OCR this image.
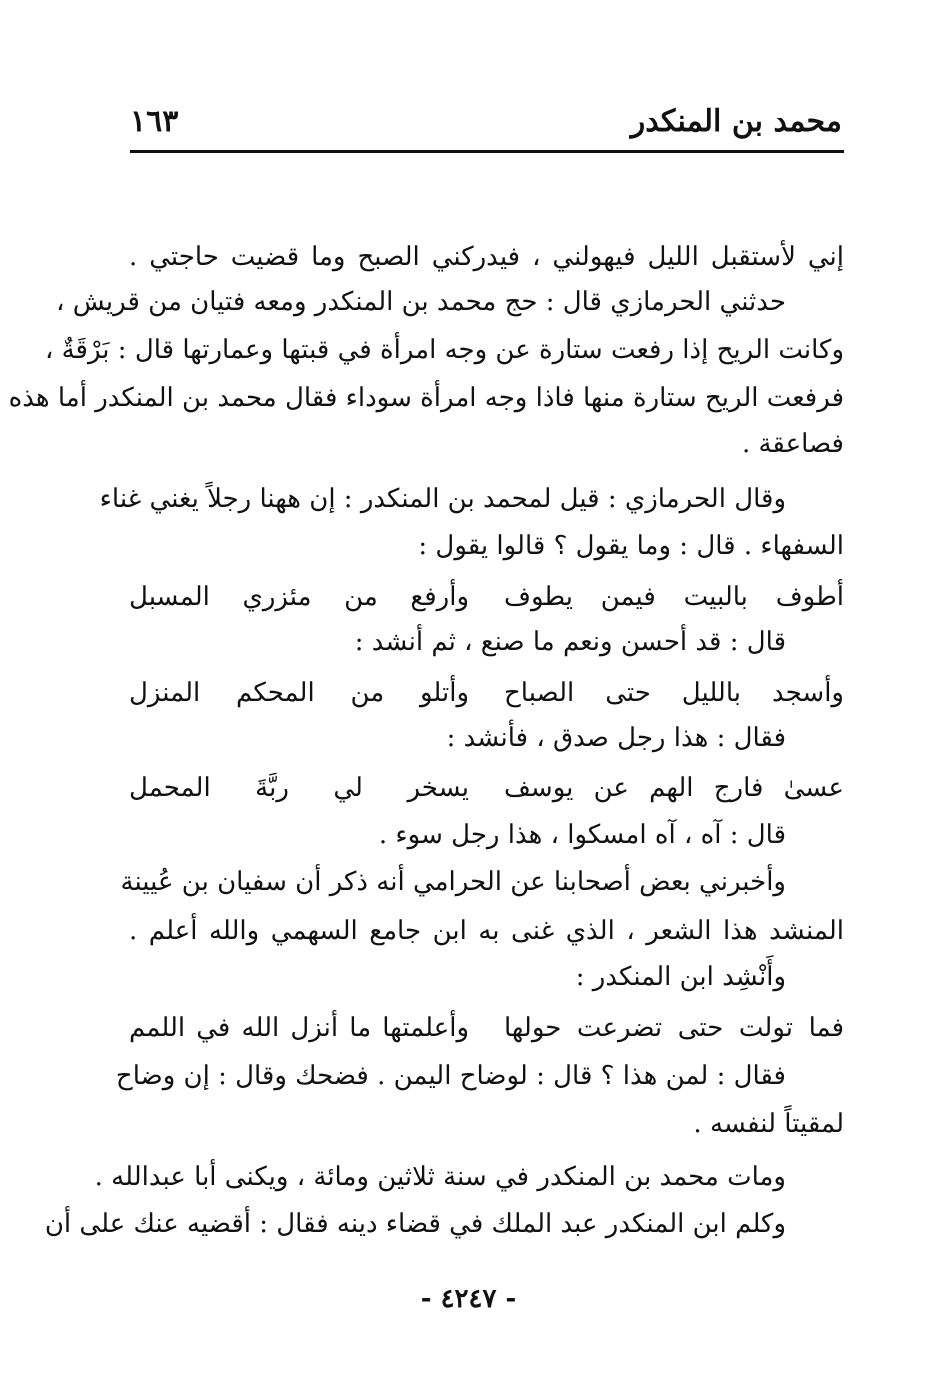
محمد بن المنكدر
١٦٣
إني لأستقبل الليل فيهولني ، فيدركني الصبح وما قضيت حاجتي .
حدثني الحرمازي قال : حج محمد بن المنكدر ومعه فتيان من قريش ،
وكانت الريح إذا رفعت ستارة عن وجه امرأة في قبتها وعمارتها قال : بَرْقَةٌ ،
فرفعت الريح ستارة منها فاذا وجه امرأة سوداء فقال محمد بن المنكدر أما هذه
فصاعقة .
وقال الحرمازي : قيل لمحمد بن المنكدر : إن ههنا رجلاً يغني غناء
السفهاء . قال : وما يقول ؟ قالوا يقول :
أطوف بالبيت فيمن يطوف
وأرفع من مئزري المسبل
قال : قد أحسن ونعم ما صنع ، ثم أنشد :
وأسجد بالليل حتى الصباح
وأتلو من المحكم المنزل
فقال : هذا رجل صدق ، فأنشد :
عسىٰ فارج الهم عن يوسف
يسخر لي ربَّةَ المحمل
قال : آه ، آه امسكوا ، هذا رجل سوء .
وأخبرني بعض أصحابنا عن الحرامي أنه ذكر أن سفيان بن عُيينة
المنشد هذا الشعر ، الذي غنى به ابن جامع السهمي والله أعلم .
وأَنْشِد ابن المنكدر :
فما تولت حتى تضرعت حولها
وأعلمتها ما أنزل الله في اللمم
فقال : لمن هذا ؟ قال : لوضاح اليمن . فضحك وقال : إن وضاح
لمقيتاً لنفسه .
ومات محمد بن المنكدر في سنة ثلاثين ومائة ، ويكنى أبا عبدالله .
وكلم ابن المنكدر عبد الملك في قضاء دينه فقال : أقضيه عنك على أن
- ٤٢٤٧ -
